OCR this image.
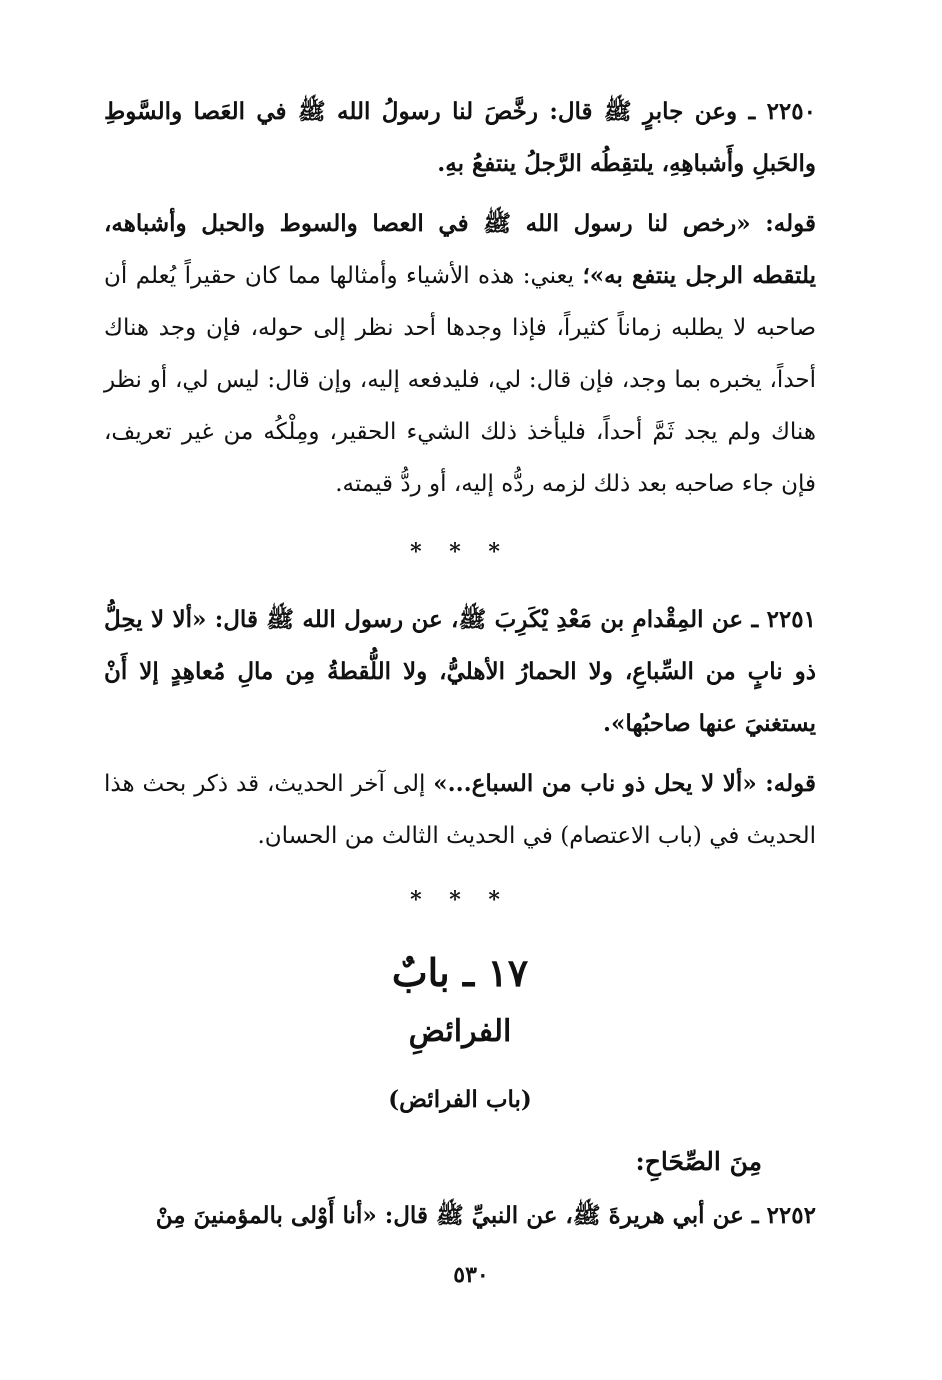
٢٢٥٠ ـ وعن جابرٍ ﷺ قال: رخَّصَ لنا رسولُ الله ﷺ في العَصا والسَّوطِ والحَبلِ وأَشباهِهِ، يلتقِطُه الرَّجلُ ينتفعُ بهِ.

قوله: «رخص لنا رسول الله ﷺ في العصا والسوط والحبل وأشباهه، يلتقطه الرجل ينتفع به»؛ يعني: هذه الأشياء وأمثالها مما كان حقيراً يُعلم أن صاحبه لا يطلبه زماناً كثيراً، فإذا وجدها أحد نظر إلى حوله، فإن وجد هناك أحداً، يخبره بما وجد، فإن قال: لي، فليدفعه إليه، وإن قال: ليس لي، أو نظر هناك ولم يجد ثَمَّ أحداً، فليأخذ ذلك الشيء الحقير، ومِلْكُه من غير تعريف، فإن جاء صاحبه بعد ذلك لزمه ردُّه إليه، أو ردُّ قيمته.

* * *

٢٢٥١ ـ عن المِقْدامِ بن مَعْدِ يْكَرِبَ ﷺ، عن رسول الله ﷺ قال: «ألا لا يحِلُّ ذو نابٍ من السِّباعِ، ولا الحمارُ الأهليُّ، ولا اللُّقطةُ مِن مالِ مُعاهِدٍ إلا أَنْ يستغنيَ عنها صاحبُها».

قوله: «ألا لا يحل ذو ناب من السباع...» إلى آخر الحديث، قد ذكر بحث هذا الحديث في (باب الاعتصام) في الحديث الثالث من الحسان.

* * *

١٧ ـ بابٌ

الفرائضِ

(باب الفرائض)

مِنَ الصِّحَاحِ:

٢٢٥٢ ـ عن أبي هريرةَ ﷺ، عن النبيِّ ﷺ قال: «أنا أَوْلى بالمؤمنينَ مِنْ

٥٣٠
